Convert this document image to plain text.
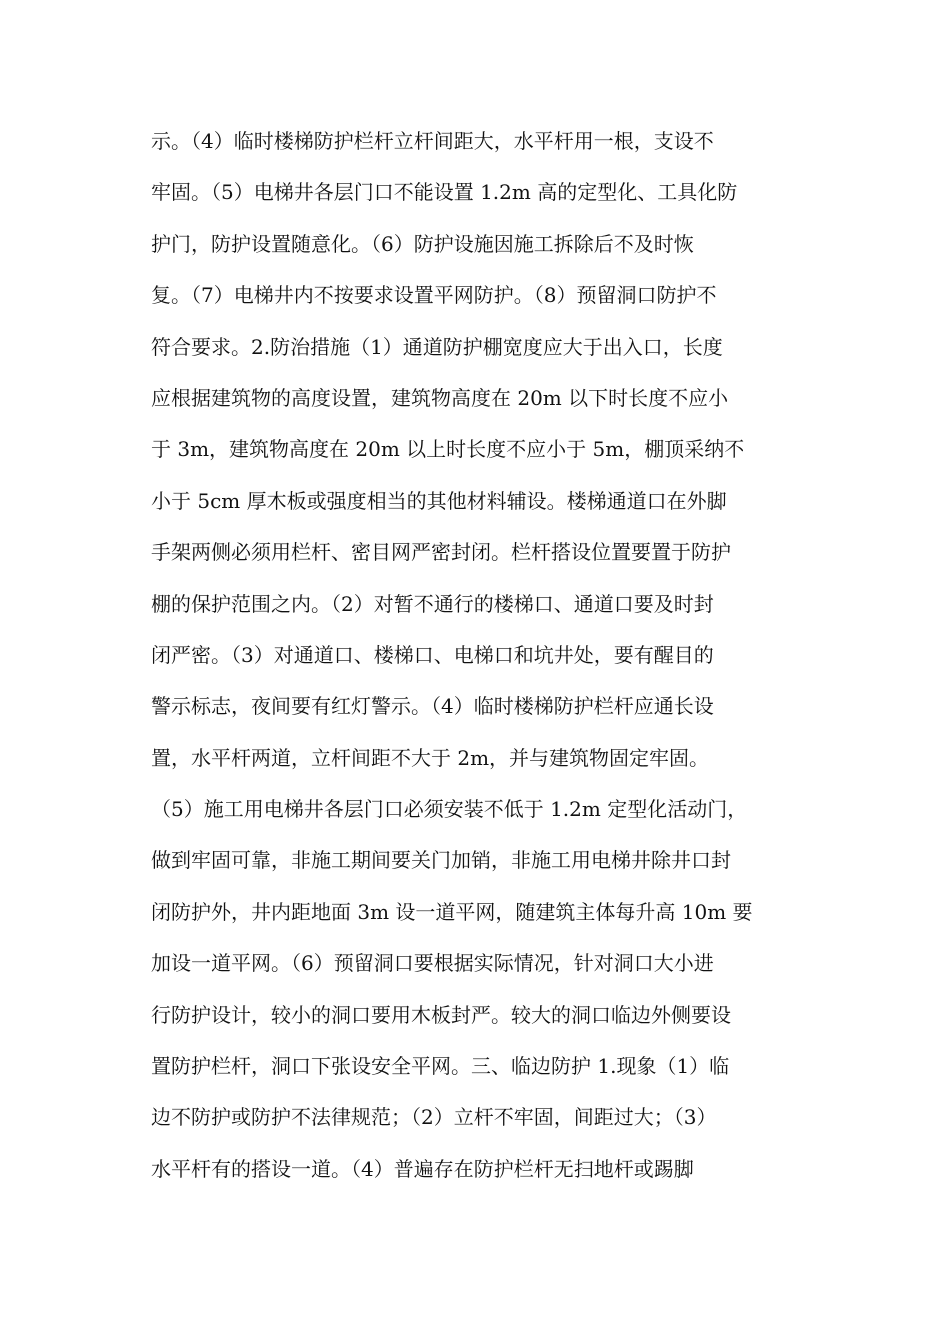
示。（4）临时楼梯防护栏杆立杆间距大，水平杆用一根，支设不
牢固。（5）电梯井各层门口不能设置 1.2m 高的定型化、工具化防
护门，防护设置随意化。（6）防护设施因施工拆除后不及时恢
复。（7）电梯井内不按要求设置平网防护。（8）预留洞口防护不
符合要求。2.防治措施（1）通道防护棚宽度应大于出入口，长度
应根据建筑物的高度设置，建筑物高度在 20m 以下时长度不应小
于 3m，建筑物高度在 20m 以上时长度不应小于 5m，棚顶采纳不
小于 5cm 厚木板或强度相当的其他材料辅设。楼梯通道口在外脚
手架两侧必须用栏杆、密目网严密封闭。栏杆搭设位置要置于防护
棚的保护范围之内。（2）对暂不通行的楼梯口、通道口要及时封
闭严密。（3）对通道口、楼梯口、电梯口和坑井处，要有醒目的
警示标志，夜间要有红灯警示。（4）临时楼梯防护栏杆应通长设
置，水平杆两道，立杆间距不大于 2m，并与建筑物固定牢固。
（5）施工用电梯井各层门口必须安装不低于 1.2m 定型化活动门，
做到牢固可靠，非施工期间要关门加销，非施工用电梯井除井口封
闭防护外，井内距地面 3m 设一道平网，随建筑主体每升高 10m 要
加设一道平网。（6）预留洞口要根据实际情况，针对洞口大小进
行防护设计，较小的洞口要用木板封严。较大的洞口临边外侧要设
置防护栏杆，洞口下张设安全平网。三、临边防护 1.现象（1）临
边不防护或防护不法律规范；（2）立杆不牢固，间距过大；（3）
水平杆有的搭设一道。（4）普遍存在防护栏杆无扫地杆或踢脚
